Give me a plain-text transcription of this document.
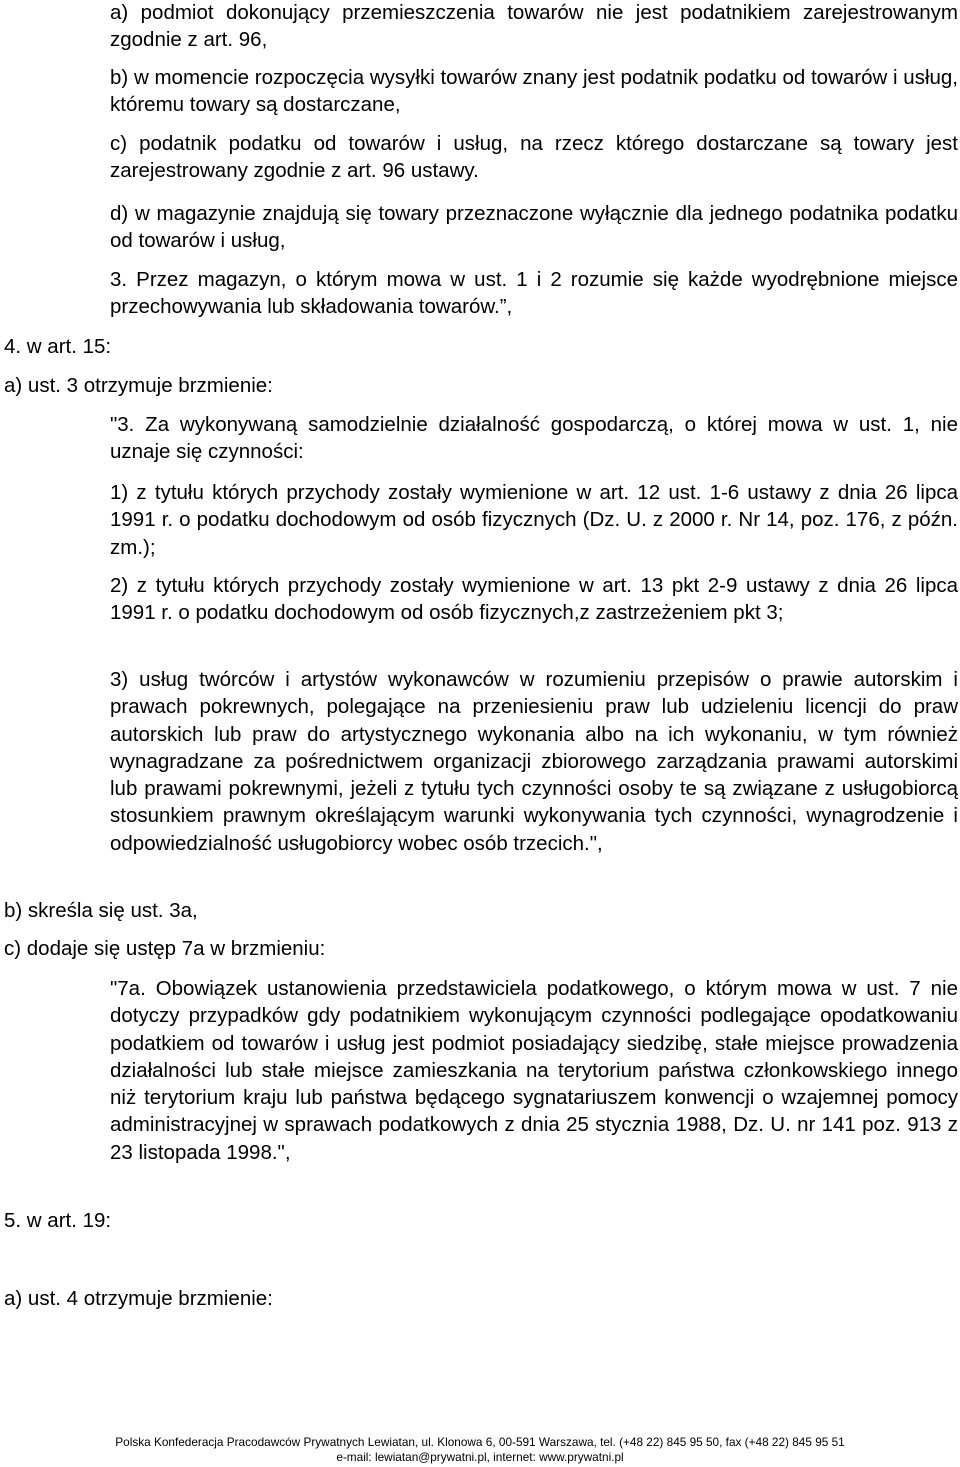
a) podmiot dokonujący przemieszczenia towarów nie jest podatnikiem zarejestrowanym zgodnie z art. 96,

b) w momencie rozpoczęcia wysyłki towarów znany jest podatnik podatku od towarów i usług, któremu towary są dostarczane,

c) podatnik podatku od towarów i usług, na rzecz którego dostarczane są towary jest zarejestrowany zgodnie z art. 96 ustawy.

d) w magazynie znajdują się towary przeznaczone wyłącznie dla jednego podatnika podatku od towarów i usług,

3. Przez magazyn, o którym mowa w ust. 1 i 2 rozumie się każde wyodrębnione miejsce przechowywania lub składowania towarów.”,

4. w art. 15:

a) ust. 3 otrzymuje brzmienie:

"3. Za wykonywaną samodzielnie działalność gospodarczą, o której mowa w ust. 1, nie uznaje się czynności:

1) z tytułu których przychody zostały wymienione w art. 12 ust. 1-6 ustawy z dnia 26 lipca 1991 r. o podatku dochodowym od osób fizycznych (Dz. U. z 2000 r. Nr 14, poz. 176, z późn. zm.);

2) z tytułu których przychody zostały wymienione w art. 13 pkt 2-9 ustawy z dnia 26 lipca 1991 r. o podatku dochodowym od osób fizycznych,z zastrzeżeniem pkt 3;

3) usług twórców i artystów wykonawców w rozumieniu przepisów o prawie autorskim i prawach pokrewnych, polegające na przeniesieniu praw lub udzieleniu licencji do praw autorskich lub praw do artystycznego wykonania albo na ich wykonaniu, w tym również wynagradzane za pośrednictwem organizacji zbiorowego zarządzania prawami autorskimi lub prawami pokrewnymi, jeżeli z tytułu tych czynności osoby te są związane z usługobiorcą stosunkiem prawnym określającym warunki wykonywania tych czynności, wynagrodzenie i odpowiedzialność usługobiorcy wobec osób trzecich.",

b) skreśla się ust. 3a,

c) dodaje się ustęp 7a w brzmieniu:

"7a. Obowiązek ustanowienia przedstawiciela podatkowego, o którym mowa w ust. 7 nie dotyczy przypadków gdy podatnikiem wykonującym czynności podlegające opodatkowaniu podatkiem od towarów i usług jest podmiot posiadający siedzibę, stałe miejsce prowadzenia działalności lub stałe miejsce zamieszkania na terytorium państwa członkowskiego innego niż terytorium kraju lub państwa będącego sygnatariuszem konwencji o wzajemnej pomocy administracyjnej w sprawach podatkowych z dnia 25 stycznia 1988, Dz. U. nr 141 poz. 913 z 23 listopada 1998.",

5. w art. 19:

a) ust. 4 otrzymuje brzmienie:

Polska Konfederacja Pracodawców Prywatnych Lewiatan, ul. Klonowa 6, 00-591 Warszawa, tel. (+48 22) 845 95 50, fax (+48 22) 845 95 51
e-mail: lewiatan@prywatni.pl, internet: www.prywatni.pl
